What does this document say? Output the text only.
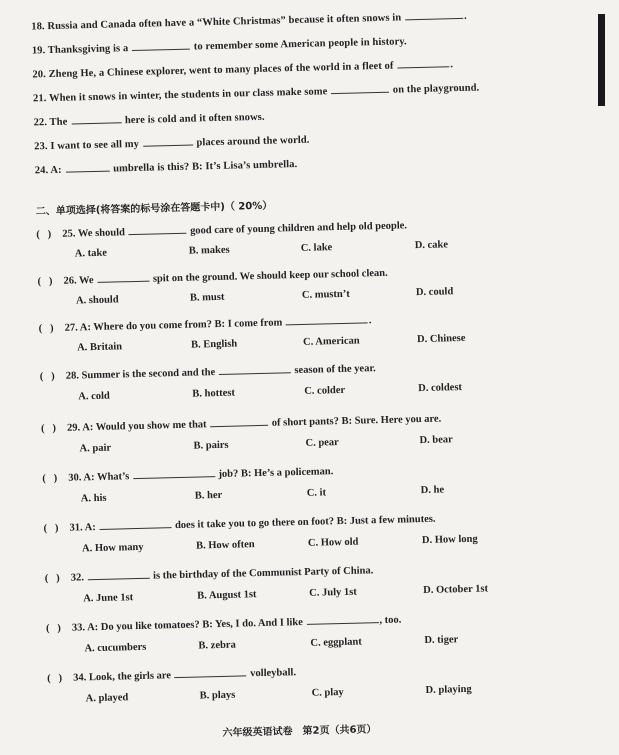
18. Russia and Canada often have a “White Christmas” because it often snows in	.
19. Thanksgiving is a	to remember some American people in history.
20. Zheng He, a Chinese explorer, went to many places of the world in a fleet of	.
21. When it snows in winter, the students in our class make some	on the playground.
22. The	here is cold and it often snows.
23. I want to see all my	places around the world.
24. A:	umbrella is this? B: It’s Lisa’s umbrella.
二、单项选择(将答案的标号涂在答题卡中)（ 20%）
(   ) 25. We should	good care of young children and help old people.
A. take	B. makes	C. lake	D. cake
(   ) 26. We	spit on the ground. We should keep our school clean.
A. should	B. must	C. mustn’t	D. could
(   ) 27. A: Where do you come from? B: I come from	.
A. Britain	B. English	C. American	D. Chinese
(   ) 28. Summer is the second and the	season of the year.
A. cold	B. hottest	C. colder	D. coldest
(   ) 29. A: Would you show me that	of short pants? B: Sure. Here you are.
A. pair	B. pairs	C. pear	D. bear
(   ) 30. A: What’s	job? B: He’s a policeman.
A. his	B. her	C. it	D. he
(   ) 31. A:	does it take you to go there on foot? B: Just a few minutes.
A. How many	B. How often	C. How old	D. How long
(   ) 32.	is the birthday of the Communist Party of China.
A. June 1st	B. August 1st	C. July 1st	D. October 1st
(   ) 33. A: Do you like tomatoes? B: Yes, I do. And I like	, too.
A. cucumbers	B. zebra	C. eggplant	D. tiger
(   ) 34. Look, the girls are	volleyball.
A. played	B. plays	C. play	D. playing
六年级英语试卷　第2页（共6页）
